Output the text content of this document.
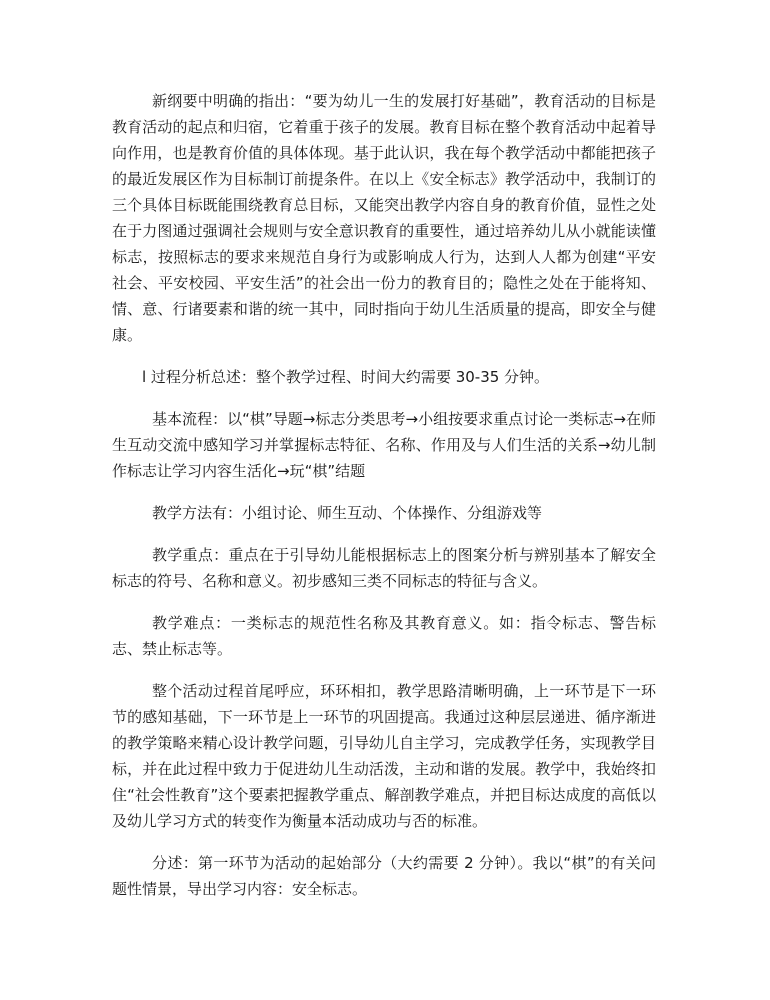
新纲要中明确的指出：“要为幼儿一生的发展打好基础”，教育活动的目标是教育活动的起点和归宿，它着重于孩子的发展。教育目标在整个教育活动中起着导向作用，也是教育价值的具体体现。基于此认识，我在每个教学活动中都能把孩子的最近发展区作为目标制订前提条件。在以上《安全标志》教学活动中，我制订的三个具体目标既能围绕教育总目标，又能突出教学内容自身的教育价值，显性之处在于力图通过强调社会规则与安全意识教育的重要性，通过培养幼儿从小就能读懂标志，按照标志的要求来规范自身行为或影响成人行为，达到人人都为创建“平安社会、平安校园、平安生活”的社会出一份力的教育目的；隐性之处在于能将知、情、意、行诸要素和谐的统一其中，同时指向于幼儿生活质量的提高，即安全与健康。

l 过程分析总述：整个教学过程、时间大约需要 30-35 分钟。

基本流程：以“棋”导题→标志分类思考→小组按要求重点讨论一类标志→在师生互动交流中感知学习并掌握标志特征、名称、作用及与人们生活的关系→幼儿制作标志让学习内容生活化→玩“棋”结题

教学方法有：小组讨论、师生互动、个体操作、分组游戏等

教学重点：重点在于引导幼儿能根据标志上的图案分析与辨别基本了解安全标志的符号、名称和意义。初步感知三类不同标志的特征与含义。

教学难点：一类标志的规范性名称及其教育意义。如：指令标志、警告标志、禁止标志等。

整个活动过程首尾呼应，环环相扣，教学思路清晰明确，上一环节是下一环节的感知基础，下一环节是上一环节的巩固提高。我通过这种层层递进、循序渐进的教学策略来精心设计教学问题，引导幼儿自主学习，完成教学任务，实现教学目标，并在此过程中致力于促进幼儿生动活泼，主动和谐的发展。教学中，我始终扣住“社会性教育”这个要素把握教学重点、解剖教学难点，并把目标达成度的高低以及幼儿学习方式的转变作为衡量本活动成功与否的标准。

分述：第一环节为活动的起始部分（大约需要 2 分钟）。我以“棋”的有关问题性情景，导出学习内容：安全标志。
